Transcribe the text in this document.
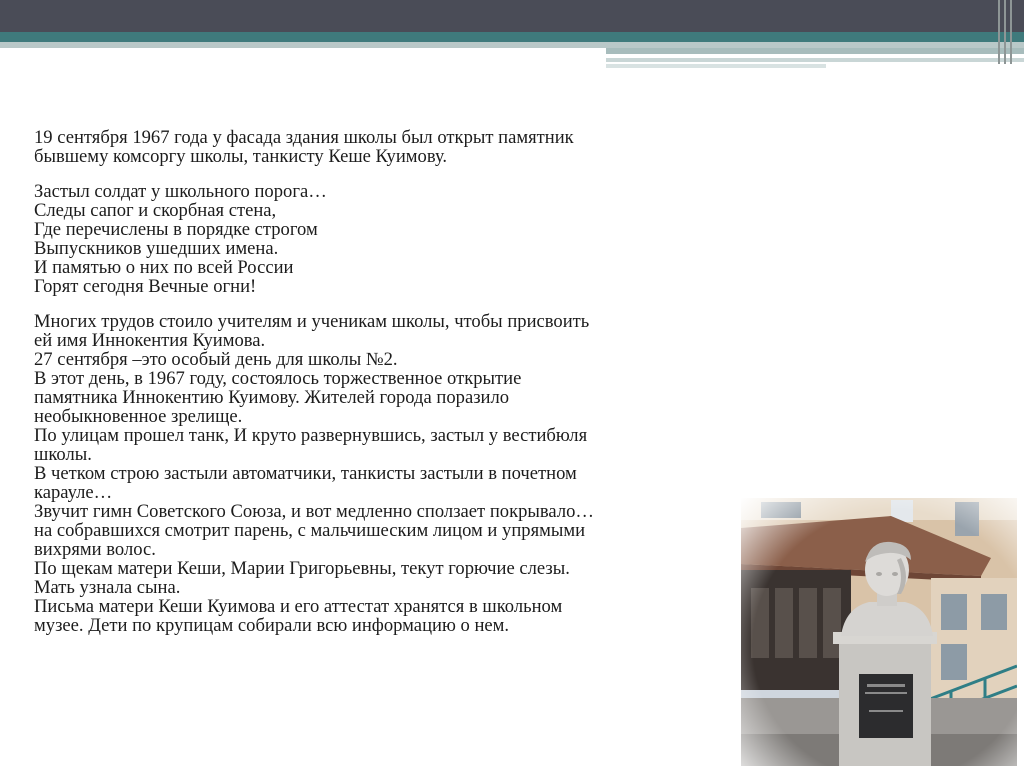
19 сентября 1967 года у фасада здания школы был открыт памятник
бывшему комсоргу школы, танкисту Кеше Куимову.

Застыл солдат у школьного порога…
Следы сапог и скорбная стена,
Где перечислены в порядке строгом
Выпускников ушедших имена.
И памятью о них по всей России
Горят сегодня Вечные огни!

Многих трудов стоило учителям и ученикам школы, чтобы присвоить
ей имя Иннокентия Куимова.
27 сентября –это особый день для школы №2.
В этот день, в 1967 году, состоялось торжественное открытие
памятника Иннокентию Куимову. Жителей города поразило
необыкновенное зрелище.
По улицам прошел танк, И круто развернувшись, застыл у вестибюля
школы.
В четком строю застыли автоматчики, танкисты застыли в почетном
карауле…
Звучит гимн Советского Союза, и вот медленно сползает покрывало…
на собравшихся смотрит парень, с мальчишеским лицом и упрямыми
вихрями волос.
По щекам матери Кеши, Марии Григорьевны, текут горючие слезы.
Мать узнала сына.
Письма матери Кеши Куимова и его аттестат хранятся в школьном
музее. Дети по крупицам собирали всю информацию о нем.
